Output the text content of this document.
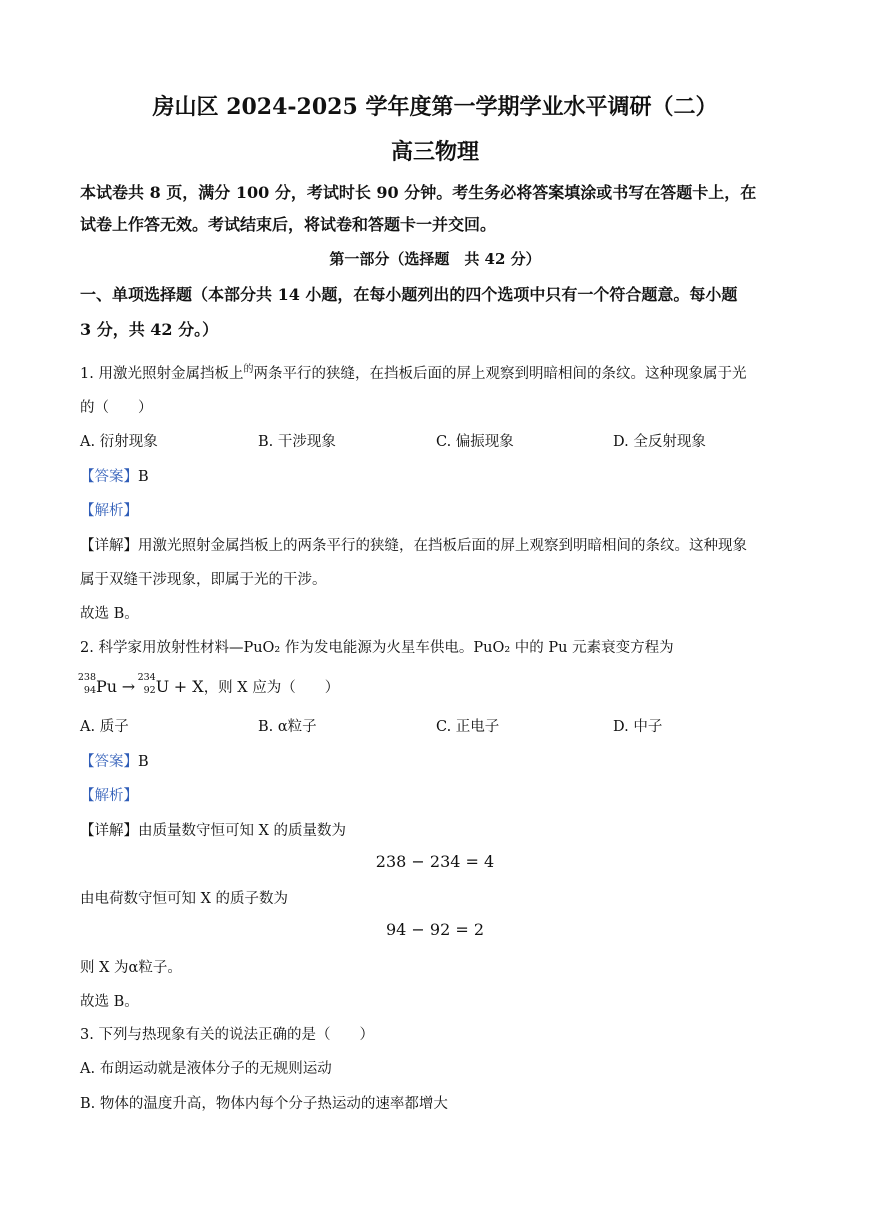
房山区 2024-2025 学年度第一学期学业水平调研（二）
高三物理
本试卷共 8 页，满分 100 分，考试时长 90 分钟。考生务必将答案填涂或书写在答题卡上，在
试卷上作答无效。考试结束后，将试卷和答题卡一并交回。
第一部分（选择题　共 42 分）
一、单项选择题（本部分共 14 小题，在每小题列出的四个选项中只有一个符合题意。每小题
3 分，共 42 分。）
1. 用激光照射金属挡板上$^的$两条平行的狭缝，在挡板后面的屏上观察到明暗相间的条纹。这种现象属于光
的（　　）
A. 衍射现象	B. 干涉现象	C. 偏振现象	D. 全反射现象
【答案】B
【解析】
【详解】用激光照射金属挡板上的两条平行的狭缝，在挡板后面的屏上观察到明暗相间的条纹。这种现象
属于双缝干涉现象，即属于光的干涉。
故选 B。
2. 科学家用放射性材料—PuO₂ 作为发电能源为火星车供电。PuO₂ 中的 Pu 元素衰变方程为
238
94 Pu → 234
92 U + X，则 X 应为（　　）
A. 质子	B. α粒子	C. 正电子	D. 中子
【答案】B
【解析】
【详解】由质量数守恒可知 X 的质量数为
238 − 234 = 4
由电荷数守恒可知 X 的质子数为
94 − 92 = 2
则 X 为α粒子。
故选 B。
3. 下列与热现象有关的说法正确的是（　　）
A. 布朗运动就是液体分子的无规则运动
B. 物体的温度升高，物体内每个分子热运动的速率都增大
